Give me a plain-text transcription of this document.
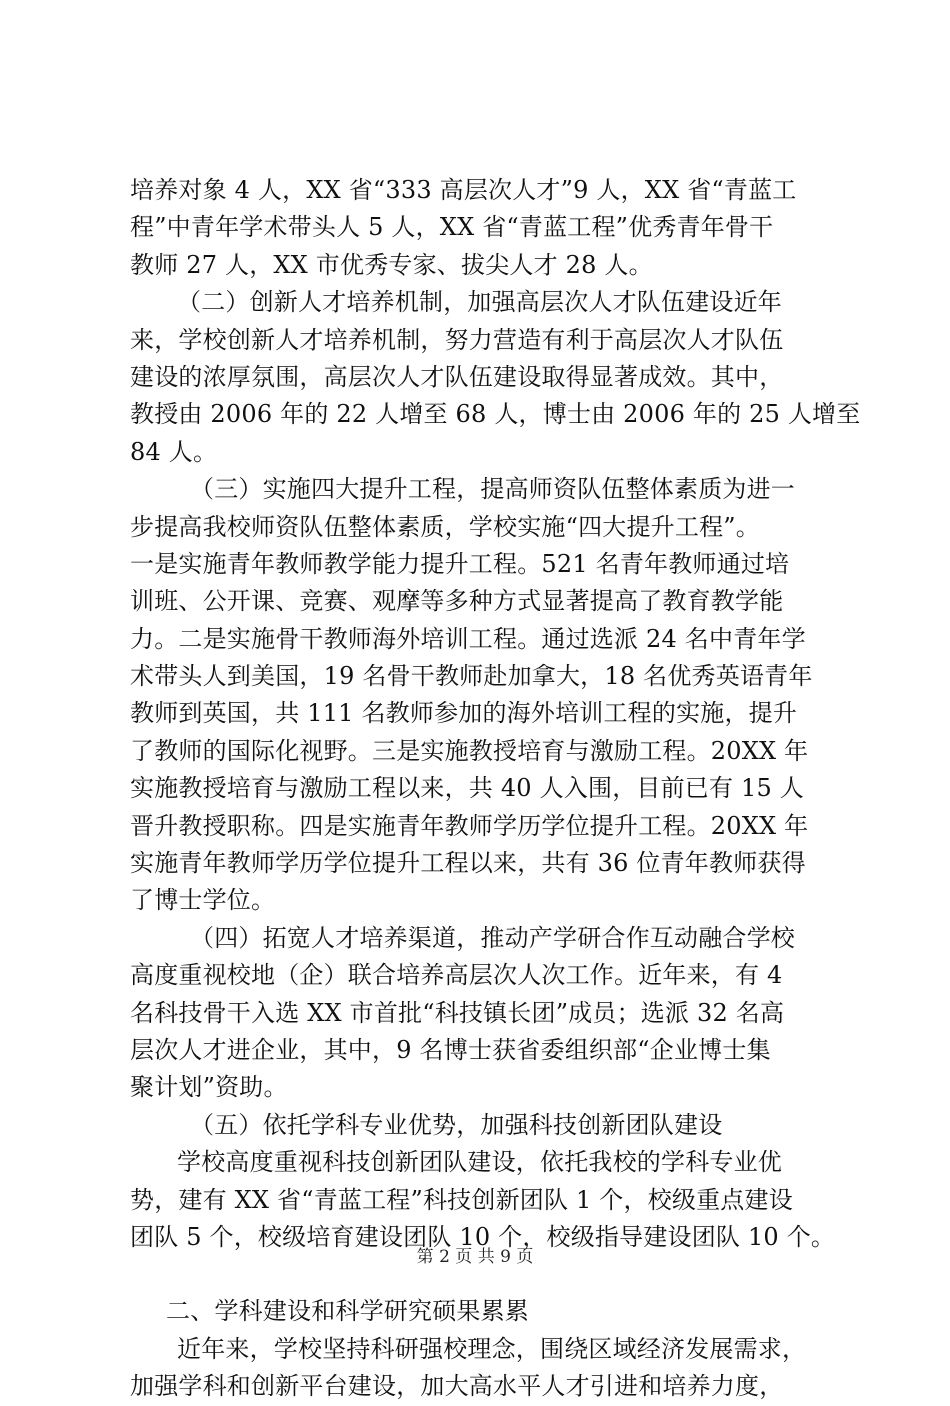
培养对象 4 人，XX 省“333 高层次人才”9 人，XX 省“青蓝工
程”中青年学术带头人 5 人，XX 省“青蓝工程”优秀青年骨干
教师 27 人，XX 市优秀专家、拔尖人才 28 人。
（二）创新人才培养机制，加强高层次人才队伍建设近年
来，学校创新人才培养机制，努力营造有利于高层次人才队伍
建设的浓厚氛围，高层次人才队伍建设取得显著成效。其中，
教授由 2006 年的 22 人增至 68 人，博士由 2006 年的 25 人增至
84 人。
（三）实施四大提升工程，提高师资队伍整体素质为进一
步提高我校师资队伍整体素质，学校实施“四大提升工程”。
一是实施青年教师教学能力提升工程。521 名青年教师通过培
训班、公开课、竞赛、观摩等多种方式显著提高了教育教学能
力。二是实施骨干教师海外培训工程。通过选派 24 名中青年学
术带头人到美国，19 名骨干教师赴加拿大，18 名优秀英语青年
教师到英国，共 111 名教师参加的海外培训工程的实施，提升
了教师的国际化视野。三是实施教授培育与激励工程。20XX 年
实施教授培育与激励工程以来，共 40 人入围，目前已有 15 人
晋升教授职称。四是实施青年教师学历学位提升工程。20XX 年
实施青年教师学历学位提升工程以来，共有 36 位青年教师获得
了博士学位。
（四）拓宽人才培养渠道，推动产学研合作互动融合学校
高度重视校地（企）联合培养高层次人次工作。近年来，有 4
名科技骨干入选 XX 市首批“科技镇长团”成员；选派 32 名高
层次人才进企业，其中，9 名博士获省委组织部“企业博士集
聚计划”资助。
（五）依托学科专业优势，加强科技创新团队建设
学校高度重视科技创新团队建设，依托我校的学科专业优
势，建有 XX 省“青蓝工程”科技创新团队 1 个，校级重点建设
团队 5 个，校级培育建设团队 10 个，校级指导建设团队 10 个。
二、学科建设和科学研究硕果累累
近年来，学校坚持科研强校理念，围绕区域经济发展需求，
加强学科和创新平台建设，加大高水平人才引进和培养力度，
第 2 页 共 9 页
